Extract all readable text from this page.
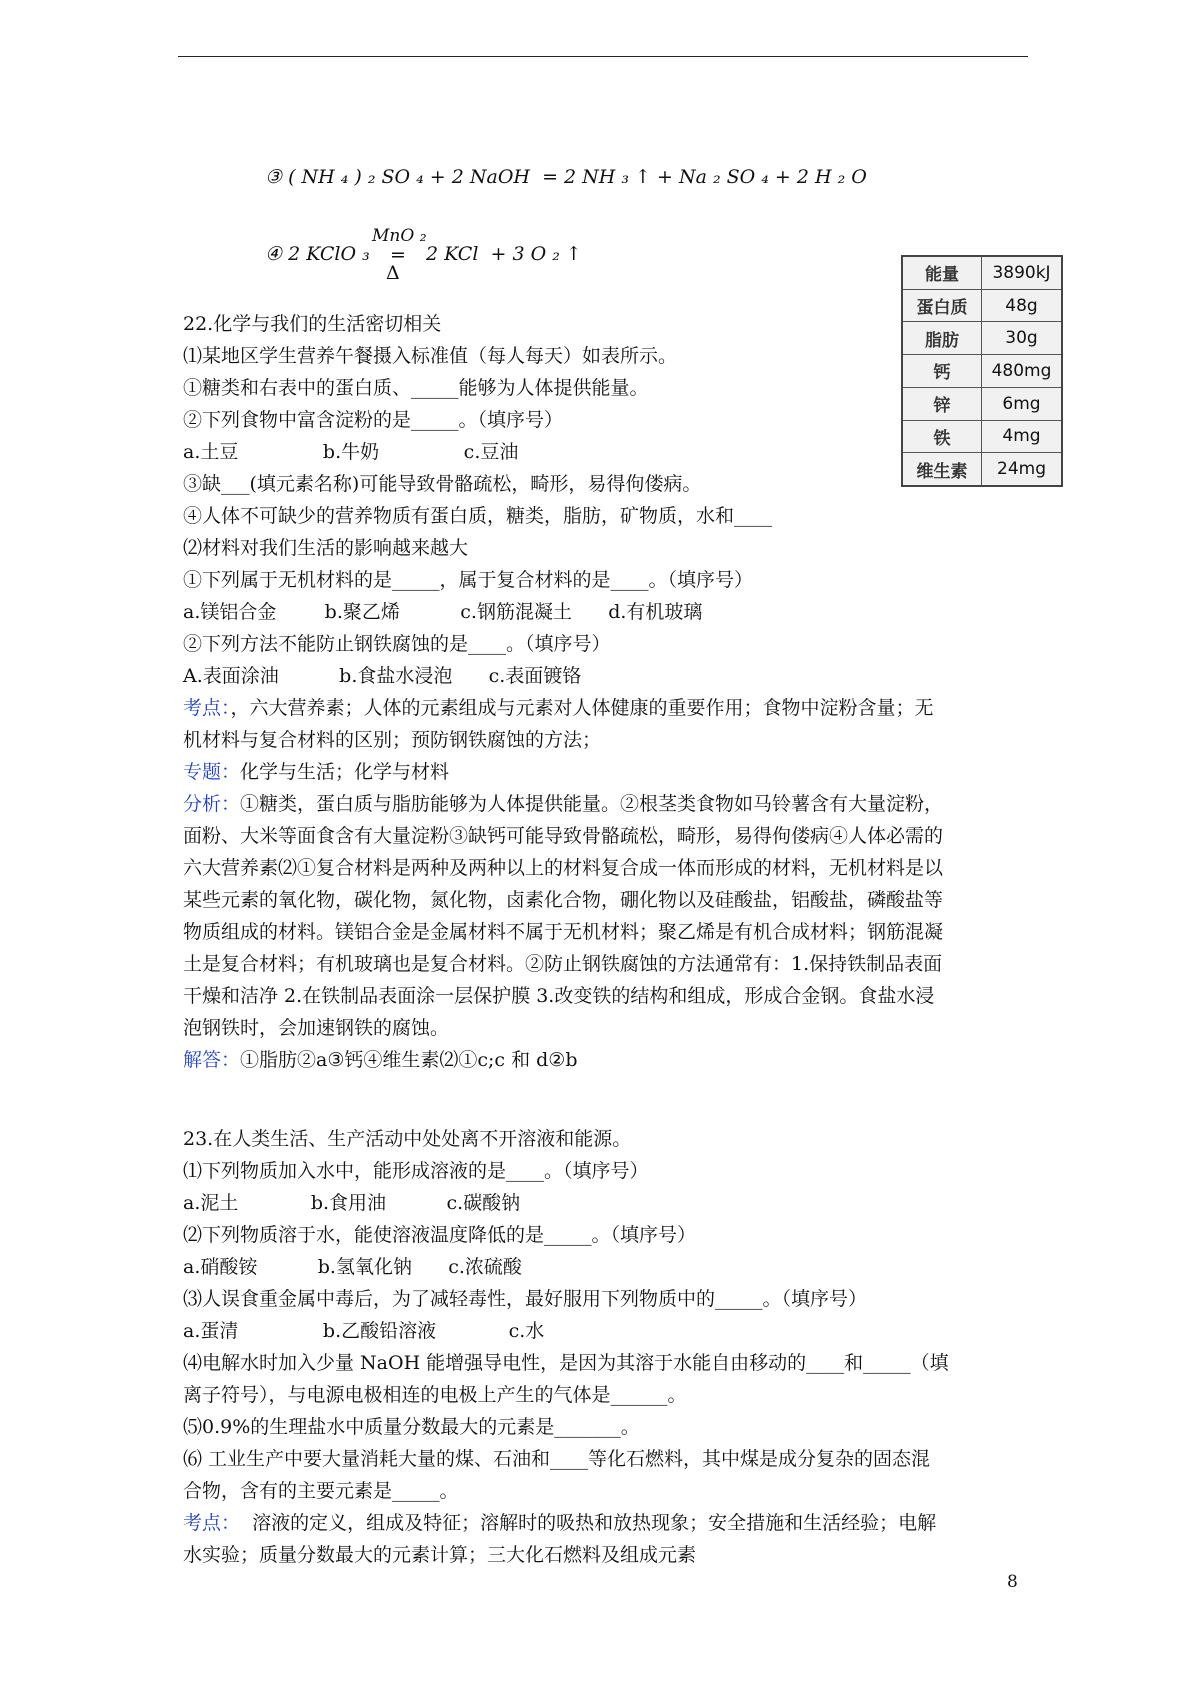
③ ( NH ₄ ) ₂ SO ₄ + 2 NaOH  = 2 NH ₃ ↑ + Na ₂ SO ₄ + 2 H ₂ O
④ 2 KClO ₃
MnO ₂
=
Δ
2 KCl  + 3 O ₂ ↑
能量	3890kJ
蛋白质	48g
脂肪	30g
钙	480mg
锌	6mg
铁	4mg
维生素	24mg
22.化学与我们的生活密切相关
⑴某地区学生营养午餐摄入标准值（每人每天）如表所示。
①糖类和右表中的蛋白质、_____能够为人体提供能量。
②下列食物中富含淀粉的是_____。（填序号）
a.土豆              b.牛奶              c.豆油
③缺___(填元素名称)可能导致骨骼疏松，畸形，易得佝偻病。
④人体不可缺少的营养物质有蛋白质，糖类，脂肪，矿物质，水和____
⑵材料对我们生活的影响越来越大
①下列属于无机材料的是_____，属于复合材料的是____。（填序号）
a.镁铝合金        b.聚乙烯          c.钢筋混凝土      d.有机玻璃
②下列方法不能防止钢铁腐蚀的是____。（填序号）
A.表面涂油          b.食盐水浸泡      c.表面镀铬
考点：，六大营养素；人体的元素组成与元素对人体健康的重要作用；食物中淀粉含量；无
机材料与复合材料的区别；预防钢铁腐蚀的方法；
专题：化学与生活；化学与材料
分析：①糖类，蛋白质与脂肪能够为人体提供能量。②根茎类食物如马铃薯含有大量淀粉，
面粉、大米等面食含有大量淀粉③缺钙可能导致骨骼疏松，畸形，易得佝偻病④人体必需的
六大营养素⑵①复合材料是两种及两种以上的材料复合成一体而形成的材料，无机材料是以
某些元素的氧化物，碳化物，氮化物，卤素化合物，硼化物以及硅酸盐，铝酸盐，磷酸盐等
物质组成的材料。镁铝合金是金属材料不属于无机材料；聚乙烯是有机合成材料；钢筋混凝
土是复合材料；有机玻璃也是复合材料。②防止钢铁腐蚀的方法通常有：1.保持铁制品表面
干燥和洁净 2.在铁制品表面涂一层保护膜 3.改变铁的结构和组成，形成合金钢。食盐水浸
泡钢铁时，会加速钢铁的腐蚀。
解答：①脂肪②a③钙④维生素⑵①c;c 和 d②b
23.在人类生活、生产活动中处处离不开溶液和能源。
⑴下列物质加入水中，能形成溶液的是____。（填序号）
a.泥土            b.食用油          c.碳酸钠
⑵下列物质溶于水，能使溶液温度降低的是_____。（填序号）
a.硝酸铵          b.氢氧化钠      c.浓硫酸
⑶人误食重金属中毒后，为了减轻毒性，最好服用下列物质中的_____。（填序号）
a.蛋清              b.乙酸铅溶液            c.水
⑷电解水时加入少量 NaOH 能增强导电性，是因为其溶于水能自由移动的____和_____（填
离子符号），与电源电极相连的电极上产生的气体是______。
⑸0.9%的生理盐水中质量分数最大的元素是_______。
⑹ 工业生产中要大量消耗大量的煤、石油和____等化石燃料，其中煤是成分复杂的固态混
合物，含有的主要元素是_____。
考点：  溶液的定义，组成及特征；溶解时的吸热和放热现象；安全措施和生活经验；电解
水实验；质量分数最大的元素计算；三大化石燃料及组成元素
8
